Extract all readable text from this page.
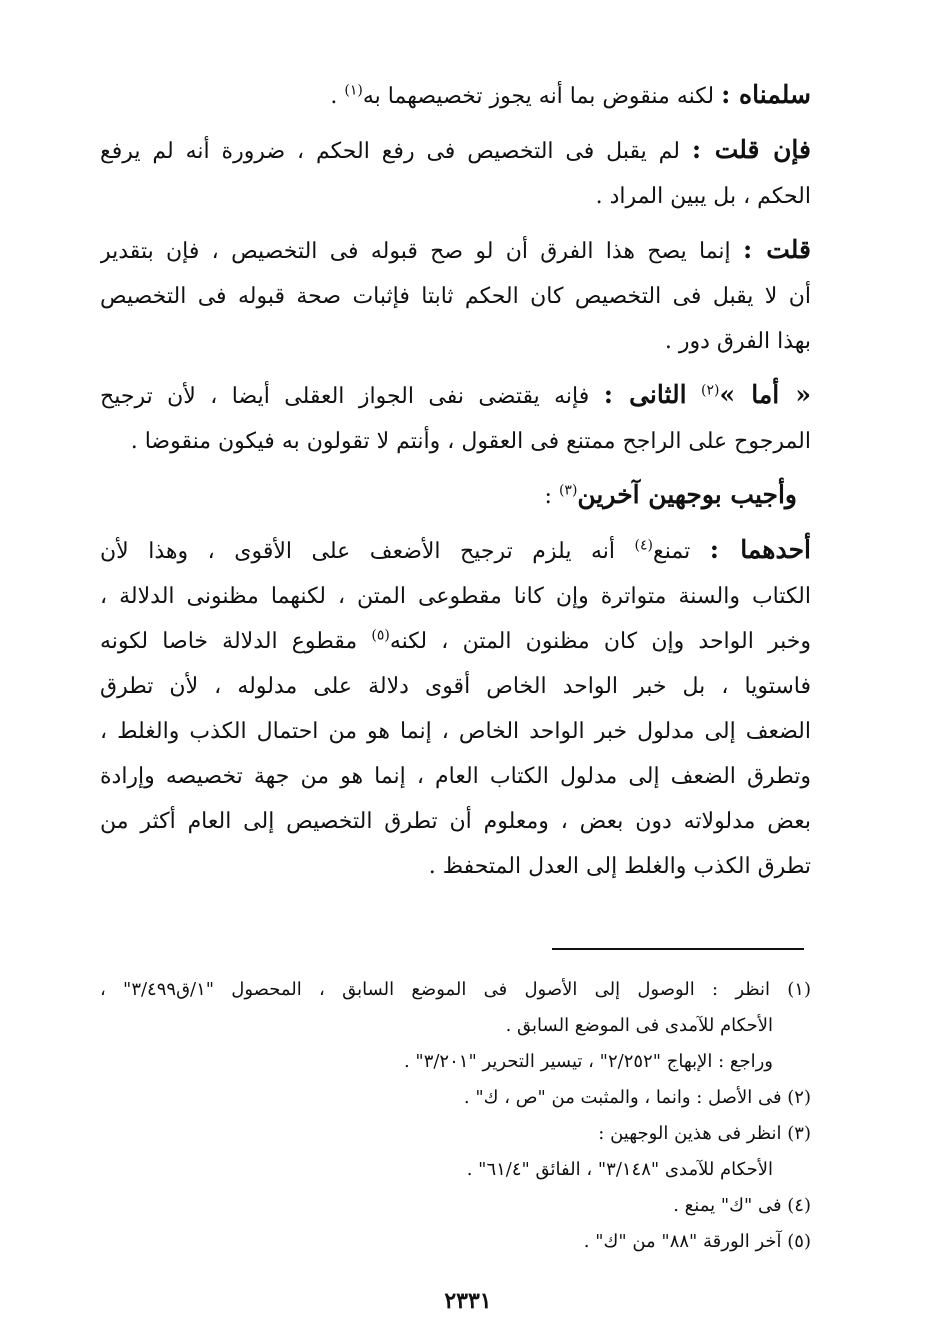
سلمناه : لكنه منقوض بما أنه يجوز تخصيصهما به$^{(١)}$ .
فإن قلت : لم يقبل فى التخصيص فى رفع الحكم ، ضرورة أنه لم يرفع
الحكم ، بل يبين المراد .
قلت : إنما يصح هذا الفرق أن لو صح قبوله فى التخصيص ، فإن بتقدير
أن لا يقبل فى التخصيص كان الحكم ثابتا فإثبات صحة قبوله فى التخصيص
بهذا الفرق دور .
« أما »$^{(٢)}$ الثانى : فإنه يقتضى نفى الجواز العقلى أيضا ، لأن ترجيح
المرجوح على الراجح ممتنع فى العقول ، وأنتم لا تقولون به فيكون منقوضا .
وأجيب بوجهين آخرين$^{(٣)}$ :
أحدهما : تمنع$^{(٤)}$ أنه يلزم ترجيح الأضعف على الأقوى ، وهذا لأن
الكتاب والسنة متواترة وإن كانا مقطوعى المتن ، لكنهما مظنونى الدلالة ،
وخبر الواحد وإن كان مظنون المتن ، لكنه$^{(٥)}$ مقطوع الدلالة خاصا لكونه
فاستويا ، بل خبر الواحد الخاص أقوى دلالة على مدلوله ، لأن تطرق
الضعف إلى مدلول خبر الواحد الخاص ، إنما هو من احتمال الكذب والغلط ،
وتطرق الضعف إلى مدلول الكتاب العام ، إنما هو من جهة تخصيصه وإرادة
بعض مدلولاته دون بعض ، ومعلوم أن تطرق التخصيص إلى العام أكثر من
تطرق الكذب والغلط إلى العدل المتحفظ .
(١) انظر : الوصول إلى الأصول فى الموضع السابق ، المحصول "١/ق٣/٤٩٩" ،
الأحكام للآمدى فى الموضع السابق .
وراجع : الإبهاج "٢/٢٥٢" ، تيسير التحرير "٣/٢٠١" .
(٢) فى الأصل : وانما ، والمثبت من "ص ، ك" .
(٣) انظر فى هذين الوجهين :
الأحكام للآمدى "٣/١٤٨" ، الفائق "٦١/٤" .
(٤) فى "ك" يمنع .
(٥) آخر الورقة "٨٨" من "ك" .
٢٣٣١
